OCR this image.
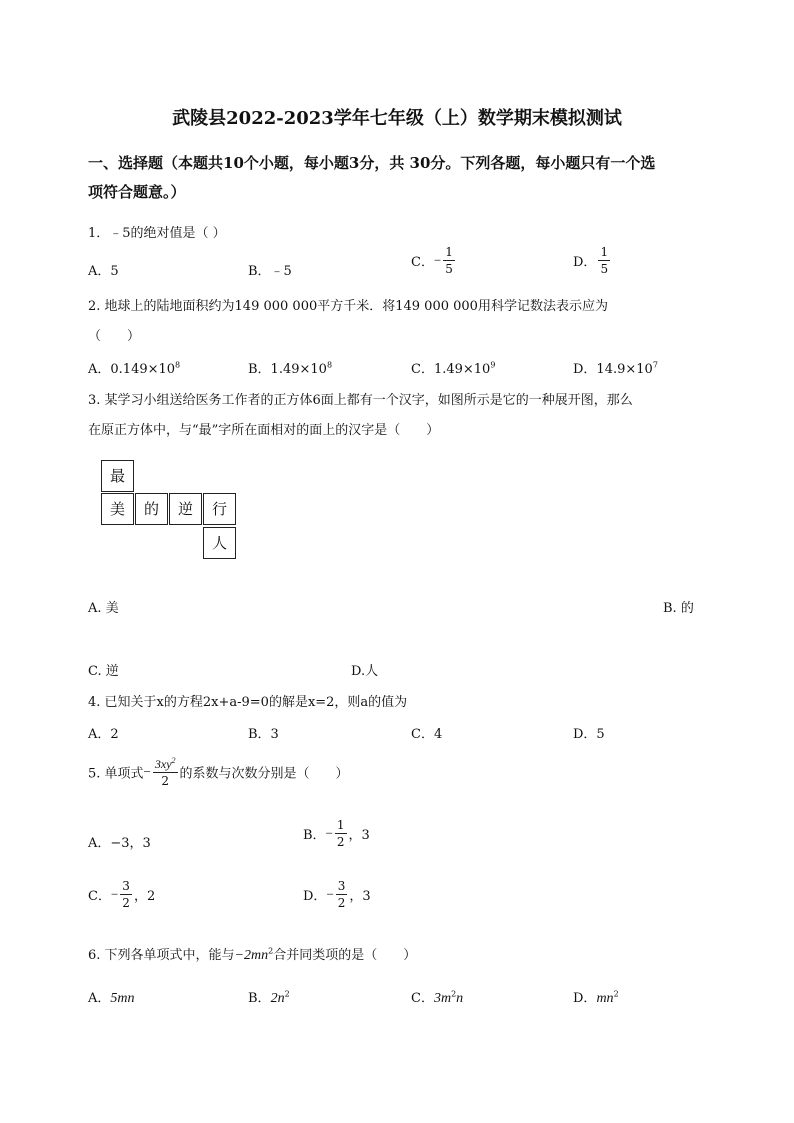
武陵县2022-2023学年七年级（上）数学期末模拟测试
一、选择题（本题共10个小题，每小题3分，共 30分。下列各题，每小题只有一个选
项符合题意。）
1．﹣5的绝对值是（ ）
A．5	B．﹣5
C．− $\frac{1}{5}$	D． $\frac{1}{5}$
2. 地球上的陆地面积约为149 000 000平方千米．将149 000 000用科学记数法表示应为
（　　）
A．$0.149\times 10^8$	B．$1.49\times 10^8$	C．$1.49\times 10^9$	D．$14.9\times 10^7$
3. 某学习小组送给医务工作者的正方体6面上都有一个汉字，如图所示是它的一种展开图，那么
在原正方体中，与“最”字所在面相对的面上的汉字是（　　）
最
美	的	逆	行
人
A. 美	B. 的
C. 逆	D.人
4. 已知关于x的方程2x+a-9=0的解是x=2，则a的值为
A．2	B．3	C．4	D．5
5. 单项式− $\frac{3xy^2}{2}$ 的系数与次数分别是（　　）
A．−3，3
B．− $\frac{1}{2}$ ，3
C．− $\frac{3}{2}$ ，2	D．− $\frac{3}{2}$ ，3
6. 下列各单项式中，能与$-2mn^2$合并同类项的是（　　）
A．5mn	B．$2n^2$	C．$3m^2n$	D．$mn^2$
